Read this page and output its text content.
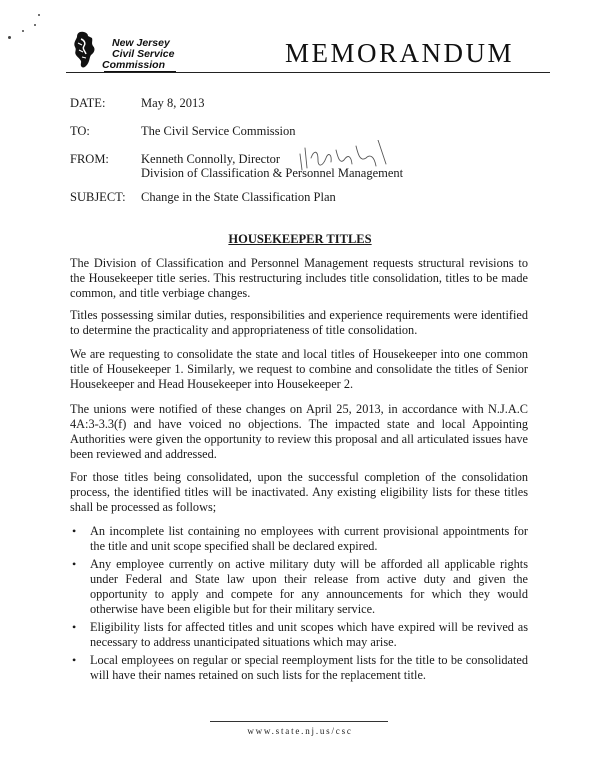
New Jersey
Civil Service
Commission	MEMORANDUM
DATE:	May 8, 2013
TO:	The Civil Service Commission
FROM:	Kenneth Connolly, Director
Division of Classification & Personnel Management
SUBJECT: Change in the State Classification Plan
HOUSEKEEPER TITLES

The Division of Classification and Personnel Management requests structural revisions to the Housekeeper title series. This restructuring includes title consolidation, titles to be made common, and title verbiage changes.

Titles possessing similar duties, responsibilities and experience requirements were identified to determine the practicality and appropriateness of title consolidation.

We are requesting to consolidate the state and local titles of Housekeeper into one common title of Housekeeper 1. Similarly, we request to combine and consolidate the titles of Senior Housekeeper and Head Housekeeper into Housekeeper 2.

The unions were notified of these changes on April 25, 2013, in accordance with N.J.A.C 4A:3-3.3(f) and have voiced no objections. The impacted state and local Appointing Authorities were given the opportunity to review this proposal and all articulated issues have been reviewed and addressed.

For those titles being consolidated, upon the successful completion of the consolidation process, the identified titles will be inactivated. Any existing eligibility lists for these titles shall be processed as follows;

• An incomplete list containing no employees with current provisional appointments for the title and unit scope specified shall be declared expired.
• Any employee currently on active military duty will be afforded all applicable rights under Federal and State law upon their release from active duty and given the opportunity to apply and compete for any announcements for which they would otherwise have been eligible but for their military service.
• Eligibility lists for affected titles and unit scopes which have expired will be revived as necessary to address unanticipated situations which may arise.
• Local employees on regular or special reemployment lists for the title to be consolidated will have their names retained on such lists for the replacement title.
www.state.nj.us/csc
